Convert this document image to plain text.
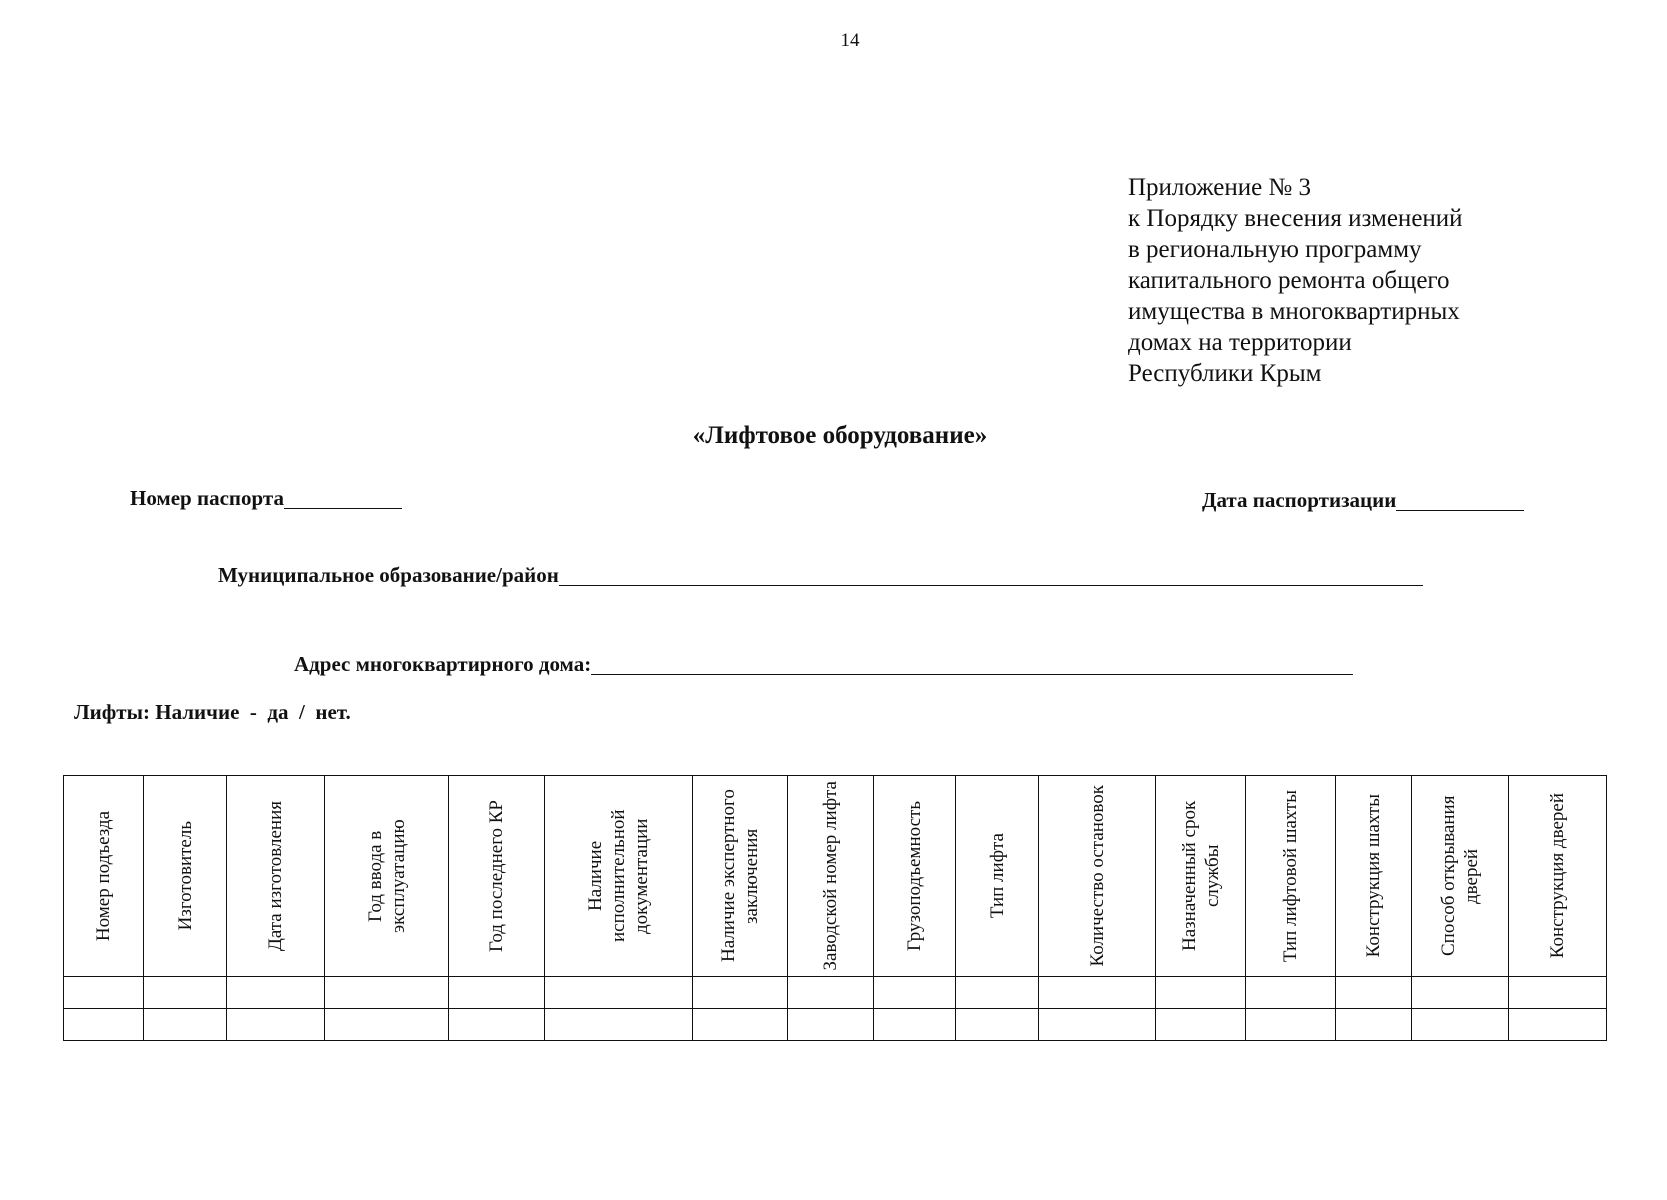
14
Приложение № 3
к Порядку внесения изменений
в региональную программу
капитального ремонта общего
имущества в многоквартирных
домах на территории
Республики Крым
«Лифтовое оборудование»
Номер паспорта	Дата паспортизации
Муниципальное образование/район
Адрес многоквартирного дома:
Лифты: Наличие  -  да  /  нет.
Номер подъезда	Изготовитель	Дата изготовления	Год ввода в эксплуатацию	Год последнего КР	Наличие исполнительной документации	Наличие экспертного заключения	Заводской номер лифта	Грузоподъемность	Тип лифта	Количество остановок	Назначенный срок службы	Тип лифтовой шахты	Конструкция шахты	Способ открывания дверей	Конструкция дверей
